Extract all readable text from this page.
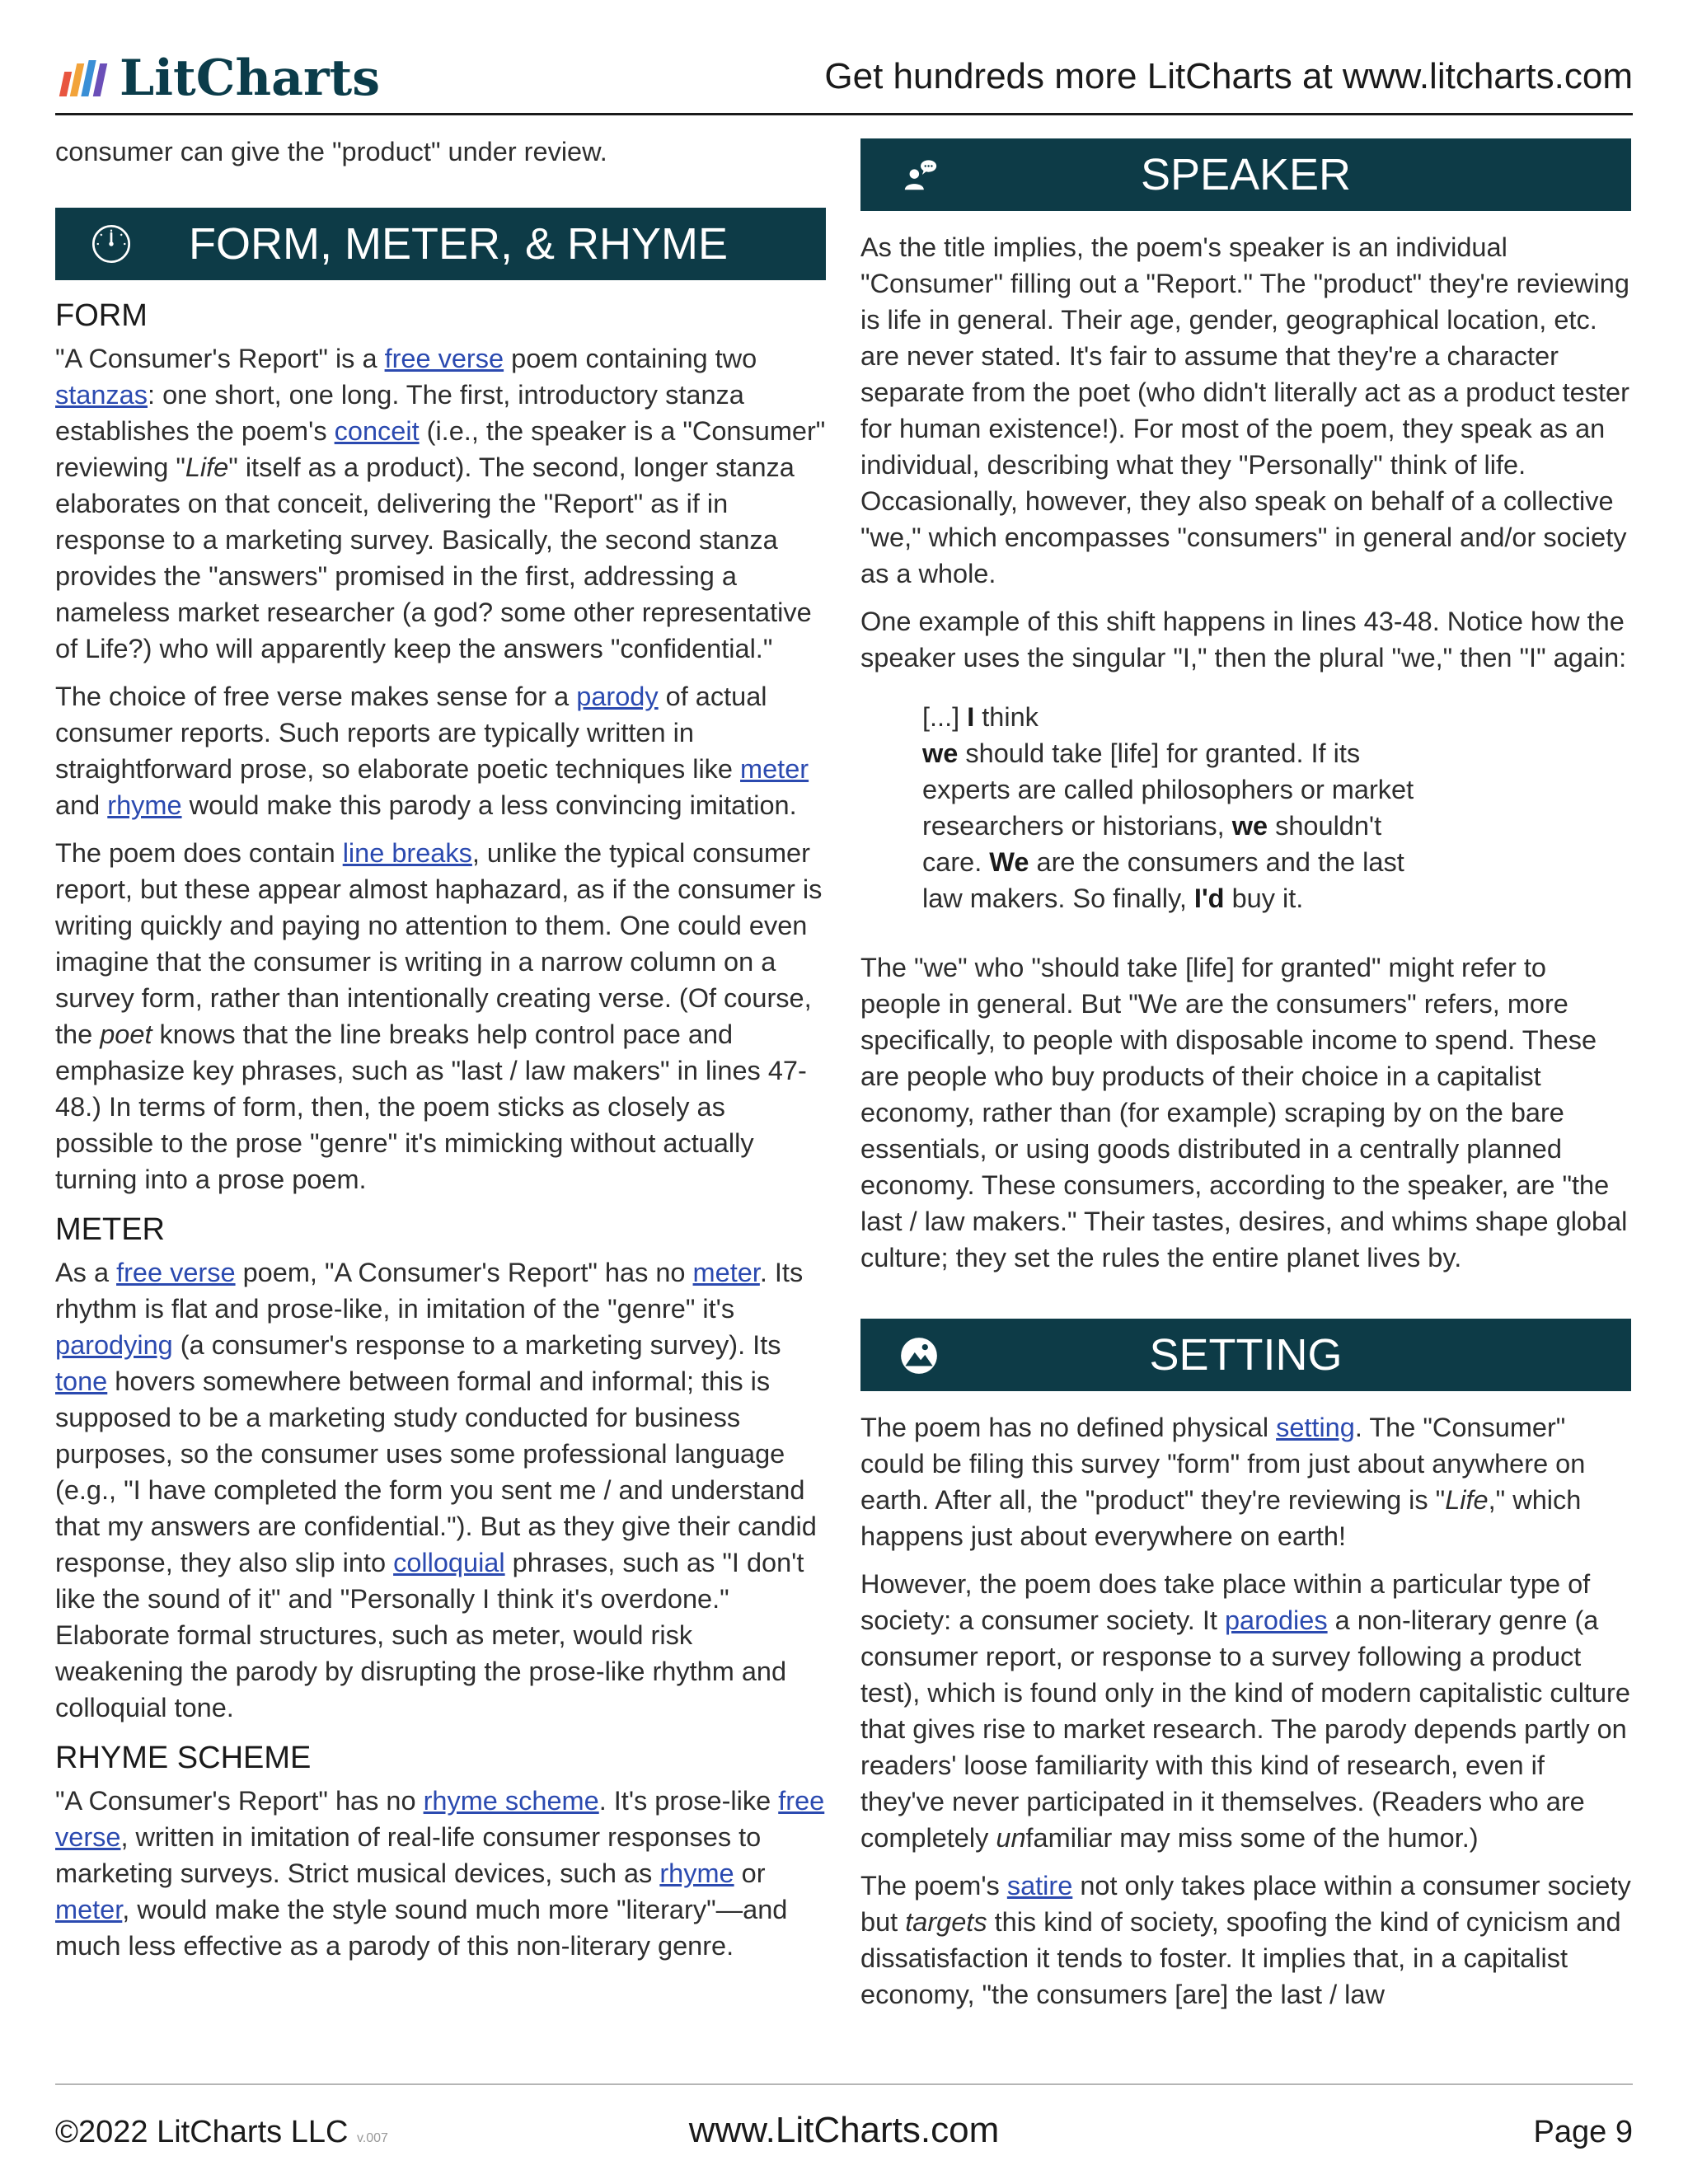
LitCharts	Get hundreds more LitCharts at www.litcharts.com

consumer can give the "product" under review.

FORM, METER, & RHYME
FORM

"A Consumer's Report" is a free verse poem containing two stanzas: one short, one long. The first, introductory stanza establishes the poem's conceit (i.e., the speaker is a "Consumer" reviewing "Life" itself as a product). The second, longer stanza elaborates on that conceit, delivering the "Report" as if in response to a marketing survey. Basically, the second stanza provides the "answers" promised in the first, addressing a nameless market researcher (a god? some other representative of Life?) who will apparently keep the answers "confidential."

The choice of free verse makes sense for a parody of actual consumer reports. Such reports are typically written in straightforward prose, so elaborate poetic techniques like meter and rhyme would make this parody a less convincing imitation.

The poem does contain line breaks, unlike the typical consumer report, but these appear almost haphazard, as if the consumer is writing quickly and paying no attention to them. One could even imagine that the consumer is writing in a narrow column on a survey form, rather than intentionally creating verse. (Of course, the poet knows that the line breaks help control pace and emphasize key phrases, such as "last / law makers" in lines 47-48.) In terms of form, then, the poem sticks as closely as possible to the prose "genre" it's mimicking without actually turning into a prose poem.

METER

As a free verse poem, "A Consumer's Report" has no meter. Its rhythm is flat and prose-like, in imitation of the "genre" it's parodying (a consumer's response to a marketing survey). Its tone hovers somewhere between formal and informal; this is supposed to be a marketing study conducted for business purposes, so the consumer uses some professional language (e.g., "I have completed the form you sent me / and understand that my answers are confidential."). But as they give their candid response, they also slip into colloquial phrases, such as "I don't like the sound of it" and "Personally I think it's overdone." Elaborate formal structures, such as meter, would risk weakening the parody by disrupting the prose-like rhythm and colloquial tone.

RHYME SCHEME

"A Consumer's Report" has no rhyme scheme. It's prose-like free verse, written in imitation of real-life consumer responses to marketing surveys. Strict musical devices, such as rhyme or meter, would make the style sound much more "literary"—and much less effective as a parody of this non-literary genre.

SPEAKER

As the title implies, the poem's speaker is an individual "Consumer" filling out a "Report." The "product" they're reviewing is life in general. Their age, gender, geographical location, etc. are never stated. It's fair to assume that they're a character separate from the poet (who didn't literally act as a product tester for human existence!). For most of the poem, they speak as an individual, describing what they "Personally" think of life. Occasionally, however, they also speak on behalf of a collective "we," which encompasses "consumers" in general and/or society as a whole.

One example of this shift happens in lines 43-48. Notice how the speaker uses the singular "I," then the plural "we," then "I" again:

[...] I think
we should take [life] for granted. If its
experts are called philosophers or market
researchers or historians, we shouldn't
care. We are the consumers and the last
law makers. So finally, I'd buy it.

The "we" who "should take [life] for granted" might refer to people in general. But "We are the consumers" refers, more specifically, to people with disposable income to spend. These are people who buy products of their choice in a capitalist economy, rather than (for example) scraping by on the bare essentials, or using goods distributed in a centrally planned economy. These consumers, according to the speaker, are "the last / law makers." Their tastes, desires, and whims shape global culture; they set the rules the entire planet lives by.

SETTING

The poem has no defined physical setting. The "Consumer" could be filing this survey "form" from just about anywhere on earth. After all, the "product" they're reviewing is "Life," which happens just about everywhere on earth!

However, the poem does take place within a particular type of society: a consumer society. It parodies a non-literary genre (a consumer report, or response to a survey following a product test), which is found only in the kind of modern capitalistic culture that gives rise to market research. The parody depends partly on readers' loose familiarity with this kind of research, even if they've never participated in it themselves. (Readers who are completely unfamiliar may miss some of the humor.)

The poem's satire not only takes place within a consumer society but targets this kind of society, spoofing the kind of cynicism and dissatisfaction it tends to foster. It implies that, in a capitalist economy, "the consumers [are] the last / law

©2022 LitCharts LLC v.007	www.LitCharts.com	Page 9
